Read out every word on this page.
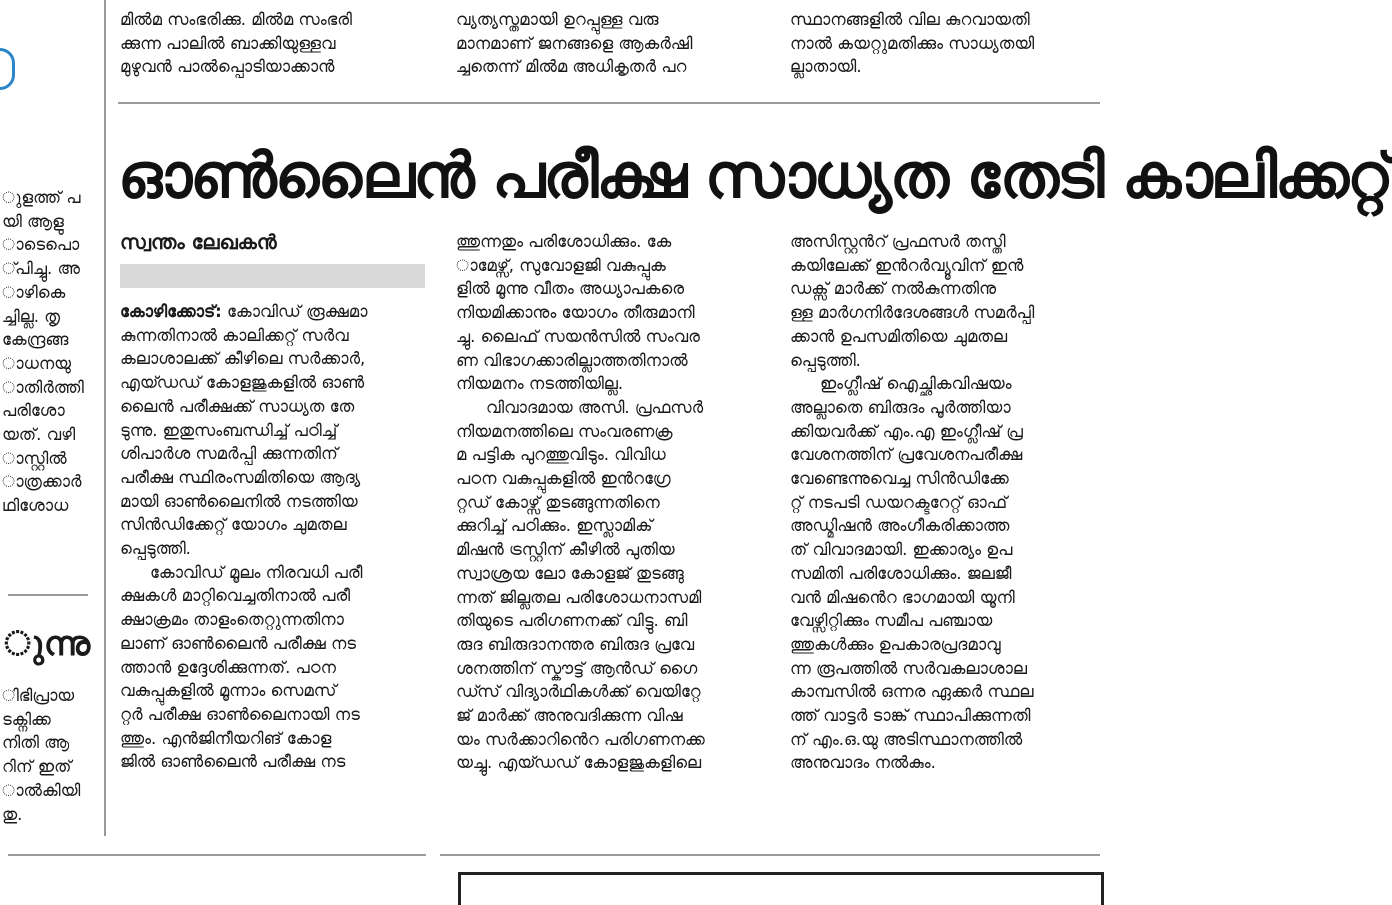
ുളത്ത് പ

യി ആളു

ാടെപൊ

്പിച്ചു. അ

ാഴികെ

ച്ചില്ല. തൃ

കേന്ദ്രങ്ങ

ാധനയു

ാതിർത്തി

പരിശോ

യത്. വഴി

ാസ്റ്റിൽ

ാത്രക്കാർ

ഥിശോധ

ുന്നു

ിഭിപ്രായ

ടക്നിക്ക

നിതി ആ

റിന് ഇത്

ാൽകിയി

തു.

മിൽമ സംഭരിക്കു. മിൽമ സംഭരി

ക്കുന്ന പാലിൽ ബാക്കിയുള്ളവ

മുഴുവൻ പാൽപ്പൊടിയാക്കാൻ

വ്യത്യസ്തമായി ഉറപ്പുള്ള വരു

മാനമാണ് ജനങ്ങളെ ആകർഷി

ച്ചതെന്ന് മിൽമ അധികൃതർ പറ

സ്ഥാനങ്ങളിൽ വില കുറവായതി

നാൽ കയറ്റുമതിക്കും സാധ്യതയി

ല്ലാതായി.

ഓൺലൈൻ പരീക്ഷ സാധ്യത തേടി കാലിക്കറ്റ്
സ്വന്തം ലേഖകൻ

കോഴിക്കോട്: കോവിഡ് രൂക്ഷമാ

കുന്നതിനാൽ കാലിക്കറ്റ് സർവ

കലാശാലക്ക് കീഴിലെ സർക്കാർ,

എയ്ഡഡ് കോളജുകളിൽ ഓൺ

ലൈൻ പരീക്ഷക്ക് സാധ്യത തേ

ടുന്നു. ഇതുസംബന്ധിച്ച് പഠിച്ച്

ശിപാർശ സമർപ്പി ക്കുന്നതിന്

പരീക്ഷ സ്ഥിരംസമിതിയെ ആദ്യ

മായി ഓൺലൈനിൽ നടത്തിയ

സിൻഡിക്കേറ്റ് യോഗം ചുമതല

പ്പെടുത്തി.

കോവിഡ് മൂലം നിരവധി പരീ

ക്ഷകൾ മാറ്റിവെച്ചതിനാൽ പരീ

ക്ഷാക്രമം താളംതെറ്റുന്നതിനാ

ലാണ് ഓൺലൈൻ പരീക്ഷ നട

ത്താൻ ഉദ്ദേശിക്കുന്നത്. പഠന

വകുപ്പുകളിൽ മൂന്നാം സെമസ്

റ്റർ പരീക്ഷ ഓൺലൈനായി നട

ത്തും. എൻജിനീയറിങ് കോള

ജിൽ ഓൺലൈൻ പരീക്ഷ നട

ത്തുന്നതും പരിശോധിക്കും. കേ

ാമേഴ്സ്, സുവോളജി വകുപ്പുക

ളിൽ മൂന്നു വീതം അധ്യാപകരെ

നിയമിക്കാനും യോഗം തീരുമാനി

ച്ചു. ലൈഫ് സയൻസിൽ സംവര

ണ വിഭാഗക്കാരില്ലാത്തതിനാൽ

നിയമനം നടത്തിയില്ല.

വിവാദമായ അസി. പ്രഫസർ

നിയമനത്തിലെ സംവരണക്ര

മ പട്ടിക പുറത്തുവിടും. വിവിധ

പഠന വകുപ്പുകളിൽ ഇൻറഗ്രേ

റ്റഡ് കോഴ്സ് തുടങ്ങുന്നതിനെ

ക്കുറിച്ച് പഠിക്കും. ഇസ്ലാമിക്

മിഷൻ ട്രസ്റ്റിന് കീഴിൽ പുതിയ

സ്വാശ്രയ ലോ കോളജ് തുടങ്ങു

ന്നത് ജില്ലതല പരിശോധനാസമി

തിയുടെ പരിഗണനക്ക് വിട്ടു. ബി

രുദ ബിരുദാനന്തര ബിരുദ പ്രവേ

ശനത്തിന് സ്കൗട്ട് ആൻഡ് ഗൈ

ഡ്സ് വിദ്യാർഥികൾക്ക് വെയിറ്റേ

ജ് മാർക്ക് അനുവദിക്കുന്ന വിഷ

യം സർക്കാറിൻെറ പരിഗണനക്ക

യച്ചു. എയ്ഡഡ് കോളജുകളിലെ

അസിസ്റ്റൻറ് പ്രഫസർ തസ്തി

കയിലേക്ക് ഇൻറർവ്യൂവിന് ഇൻ

ഡക്സ് മാർക്ക് നൽകുന്നതിനു

ള്ള മാർഗനിർദേശങ്ങൾ സമർപ്പി

ക്കാൻ ഉപസമിതിയെ ചുമതല

പ്പെടുത്തി.

ഇംഗ്ലീഷ് ഐച്ഛികവിഷയം

അല്ലാതെ ബിരുദം പൂർത്തിയാ

ക്കിയവർക്ക് എം.എ ഇംഗ്ലീഷ് പ്ര

വേശനത്തിന് പ്രവേശനപരീക്ഷ

വേണ്ടെന്നുവെച്ച സിൻഡിക്കേ

റ്റ് നടപടി ഡയറക്ടറേറ്റ് ഓഫ്

അഡ്മിഷൻ അംഗീകരിക്കാത്ത

ത് വിവാദമായി. ഇക്കാര്യം ഉപ

സമിതി പരിശോധിക്കും. ജലജീ

വൻ മിഷൻെറ ഭാഗമായി യൂനി

വേഴ്സിറ്റിക്കും സമീപ പഞ്ചായ

ത്തുകൾക്കും ഉപകാരപ്രദമാവു

ന്ന രൂപത്തിൽ സർവകലാശാല

കാമ്പസിൽ ഒന്നര ഏക്കർ സ്ഥല

ത്ത് വാട്ടർ ടാങ്ക് സ്ഥാപിക്കുന്നതി

ന് എം.ഒ.യു അടിസ്ഥാനത്തിൽ

അനുവാദം നൽകും.
